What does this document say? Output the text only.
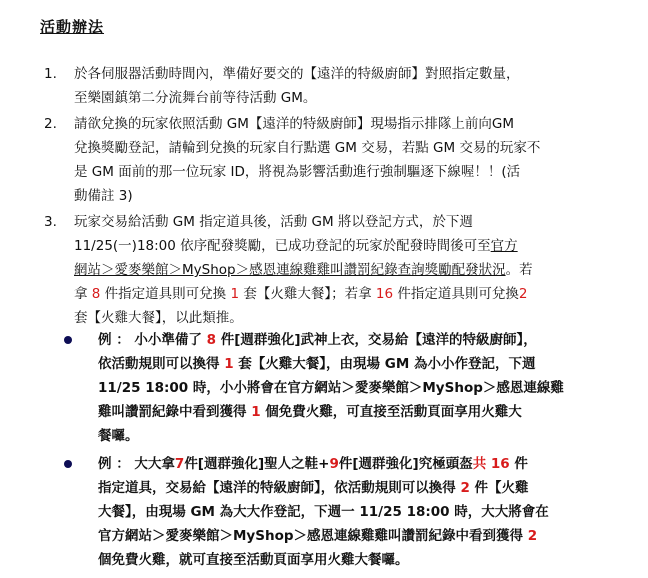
活動辦法
1. 於各伺服器活動時間內，準備好要交的【遠洋的特級廚師】對照指定數量，
至樂園鎮第二分流舞台前等待活動 GM。
2. 請欲兌換的玩家依照活動 GM【遠洋的特級廚師】現場指示排隊上前向GM
兌換獎勵登記，請輪到兌換的玩家自行點選 GM 交易，若點 GM 交易的玩家不
是 GM 面前的那一位玩家 ID，將視為影響活動進行強制驅逐下線喔！！(活
動備註 3)
3. 玩家交易給活動 GM 指定道具後，活動 GM 將以登記方式，於下週
11/25(一)18:00 依序配發獎勵，已成功登記的玩家於配發時間後可至官方
網站＞愛麥樂館＞MyShop＞感恩連線雞雞叫讚罰紀錄查詢獎勵配發狀況。若
拿 8 件指定道具則可兌換 1 套【火雞大餐】；若拿 16 件指定道具則可兌換2
套【火雞大餐】，以此類推。
例 ： 小小準備了 8 件[週群強化]武神上衣，交易給【遠洋的特級廚師】，
依活動規則可以換得 1 套【火雞大餐】，由現場 GM 為小小作登記，下週
11/25 18:00 時，小小將會在官方網站＞愛麥樂館＞MyShop＞感恩連線雞
雞叫讚罰紀錄中看到獲得 1 個免費火雞，可直接至活動頁面享用火雞大
餐囉。
例 ： 大大拿7件[週群強化]聖人之鞋+9件[週群強化]究極頭盔共 16 件
指定道具，交易給【遠洋的特級廚師】，依活動規則可以換得 2 件【火雞
大餐】，由現場 GM 為大大作登記，下週一 11/25 18:00 時，大大將會在
官方網站＞愛麥樂館＞MyShop＞感恩連線雞雞叫讚罰紀錄中看到獲得 2
個免費火雞，就可直接至活動頁面享用火雞大餐囉。
